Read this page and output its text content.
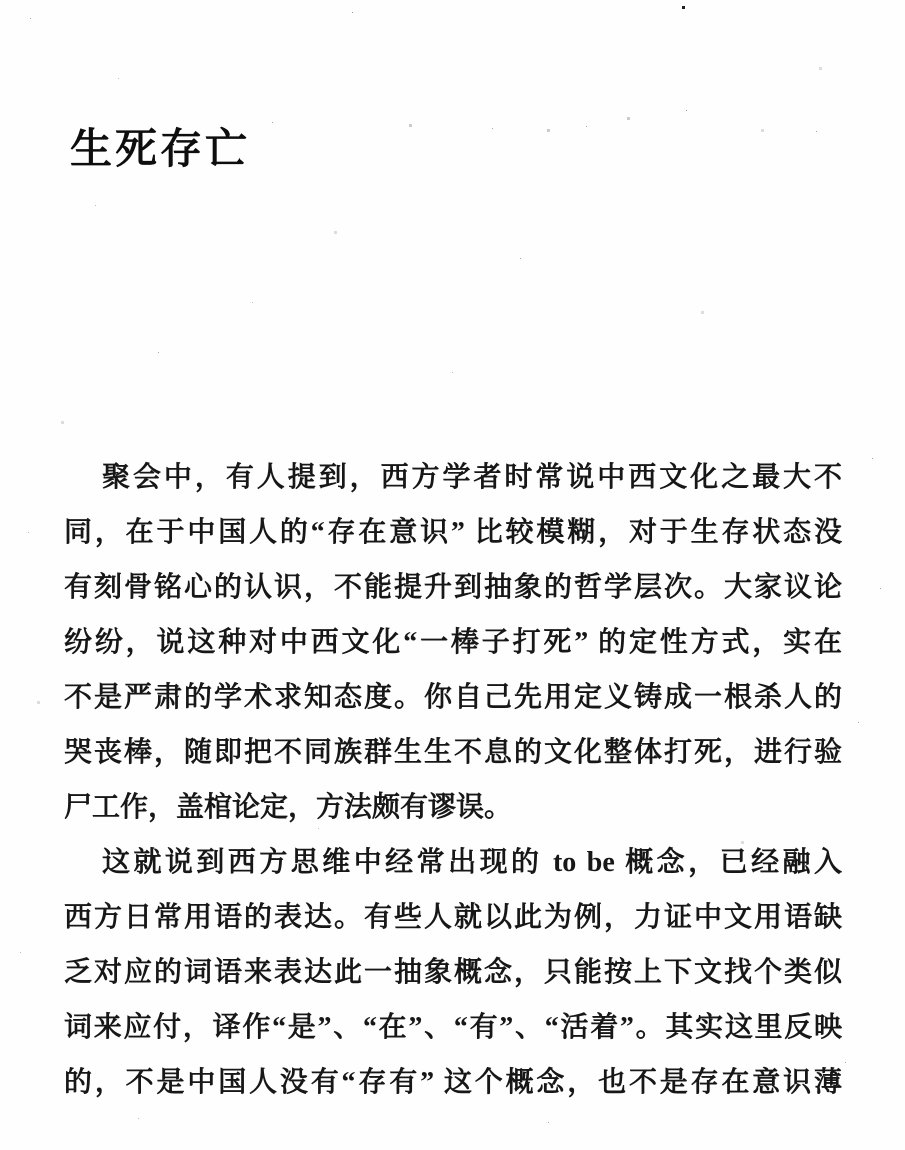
生死存亡
聚会中，有人提到，西方学者时常说中西文化之最大不
同，在于中国人的“存在意识” 比较模糊，对于生存状态没
有刻骨铭心的认识，不能提升到抽象的哲学层次。大家议论
纷纷，说这种对中西文化“一棒子打死” 的定性方式，实在
不是严肃的学术求知态度。你自己先用定义铸成一根杀人的
哭丧棒，随即把不同族群生生不息的文化整体打死，进行验
尸工作，盖棺论定，方法颇有谬误。
这就说到西方思维中经常出现的 to be 概念，已经融入
西方日常用语的表达。有些人就以此为例，力证中文用语缺
乏对应的词语来表达此一抽象概念，只能按上下文找个类似
词来应付，译作“是”、“在”、“有”、“活着”。其实这里反映
的，不是中国人没有“存有” 这个概念，也不是存在意识薄
